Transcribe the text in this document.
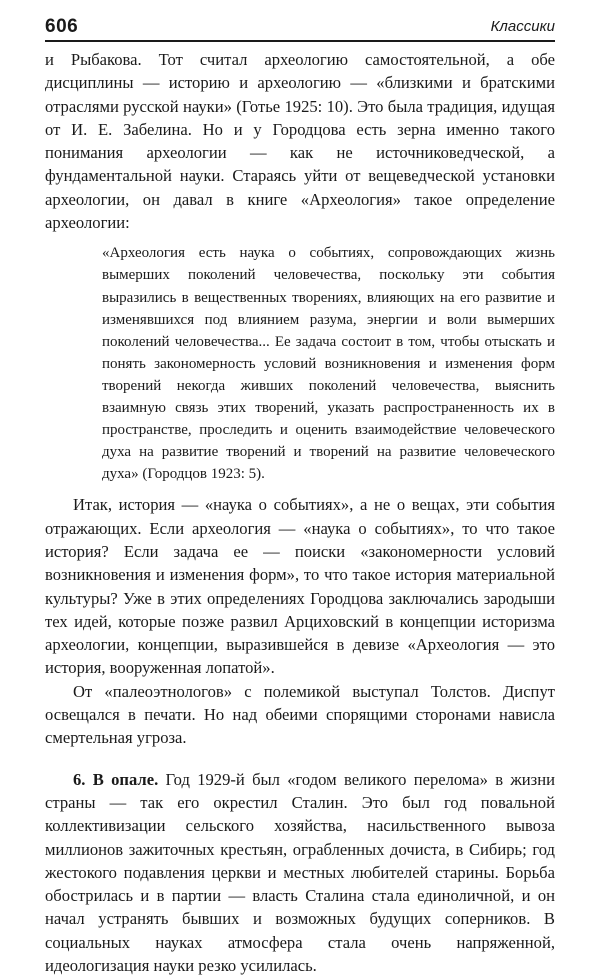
606	Классики

и Рыбакова. Тот считал археологию самостоятельной, а обе дисциплины — историю и археологию — «близкими и братскими отраслями русской науки» (Готье 1925: 10). Это была традиция, идущая от И. Е. Забелина. Но и у Городцова есть зерна именно такого понимания археологии — как не источниковедческой, а фундаментальной науки. Стараясь уйти от вещеведческой установки археологии, он давал в книге «Археология» такое определение археологии:

«Археология есть наука о событиях, сопровождающих жизнь вымерших поколений человечества, поскольку эти события выразились в вещественных творениях, влияющих на его развитие и изменявшихся под влиянием разума, энергии и воли вымерших поколений человечества... Ее задача состоит в том, чтобы отыскать и понять закономерность условий возникновения и изменения форм творений некогда живших поколений человечества, выяснить взаимную связь этих творений, указать распространенность их в пространстве, проследить и оценить взаимодействие человеческого духа на развитие творений и творений на развитие человеческого духа» (Городцов 1923: 5).

Итак, история — «наука о событиях», а не о вещах, эти события отражающих. Если археология — «наука о событиях», то что такое история? Если задача ее — поиски «закономерности условий возникновения и изменения форм», то что такое история материальной культуры? Уже в этих определениях Городцова заключались зародыши тех идей, которые позже развил Арциховский в концепции историзма археологии, концепции, выразившейся в девизе «Археология — это история, вооруженная лопатой».

От «палеоэтнологов» с полемикой выступал Толстов. Диспут освещался в печати. Но над обеими спорящими сторонами нависла смертельная угроза.

6. В опале. Год 1929-й был «годом великого перелома» в жизни страны — так его окрестил Сталин. Это был год повальной коллективизации сельского хозяйства, насильственного вывоза миллионов зажиточных крестьян, ограбленных дочиста, в Сибирь; год жестокого подавления церкви и местных любителей старины. Борьба обострилась и в партии — власть Сталина стала единоличной, и он начал устранять бывших и возможных будущих соперников. В социальных науках атмосфера стала очень напряженной, идеологизация науки резко усилилась.
